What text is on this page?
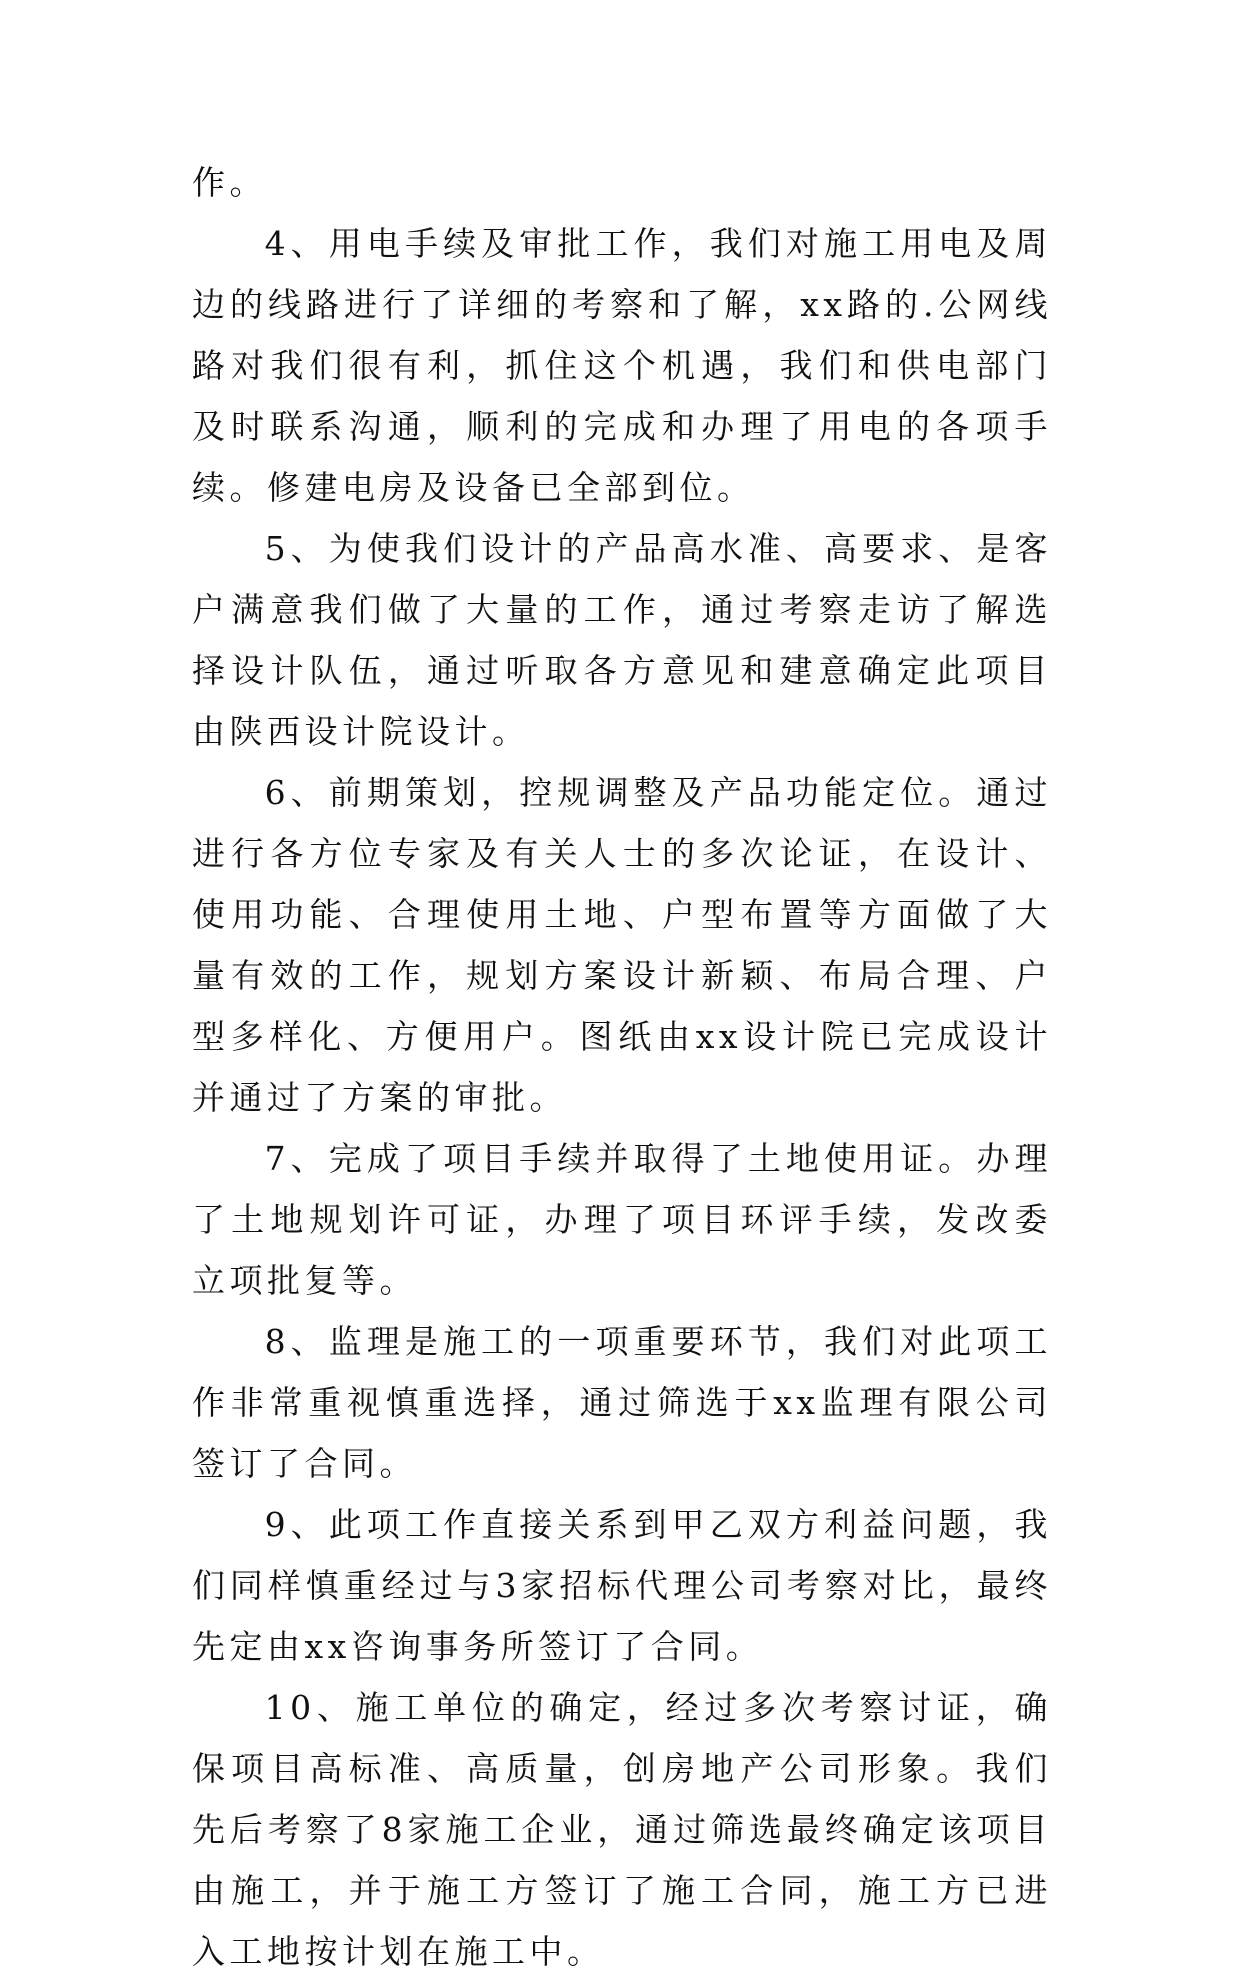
作。

4、用电手续及审批工作，我们对施工用电及周边的线路进行了详细的考察和了解，xx路的.公网线路对我们很有利，抓住这个机遇，我们和供电部门及时联系沟通，顺利的完成和办理了用电的各项手续。修建电房及设备已全部到位。

5、为使我们设计的产品高水准、高要求、是客户满意我们做了大量的工作，通过考察走访了解选择设计队伍，通过听取各方意见和建意确定此项目由陕西设计院设计。

6、前期策划，控规调整及产品功能定位。通过进行各方位专家及有关人士的多次论证，在设计、使用功能、合理使用土地、户型布置等方面做了大量有效的工作，规划方案设计新颖、布局合理、户型多样化、方便用户。图纸由xx设计院已完成设计并通过了方案的审批。

7、完成了项目手续并取得了土地使用证。办理了土地规划许可证，办理了项目环评手续，发改委立项批复等。

8、监理是施工的一项重要环节，我们对此项工作非常重视慎重选择，通过筛选于xx监理有限公司签订了合同。

9、此项工作直接关系到甲乙双方利益问题，我们同样慎重经过与3家招标代理公司考察对比，最终先定由xx咨询事务所签订了合同。

10、施工单位的确定，经过多次考察讨证，确保项目高标准、高质量，创房地产公司形象。我们先后考察了8家施工企业，通过筛选最终确定该项目由施工，并于施工方签订了施工合同，施工方已进入工地按计划在施工中。
